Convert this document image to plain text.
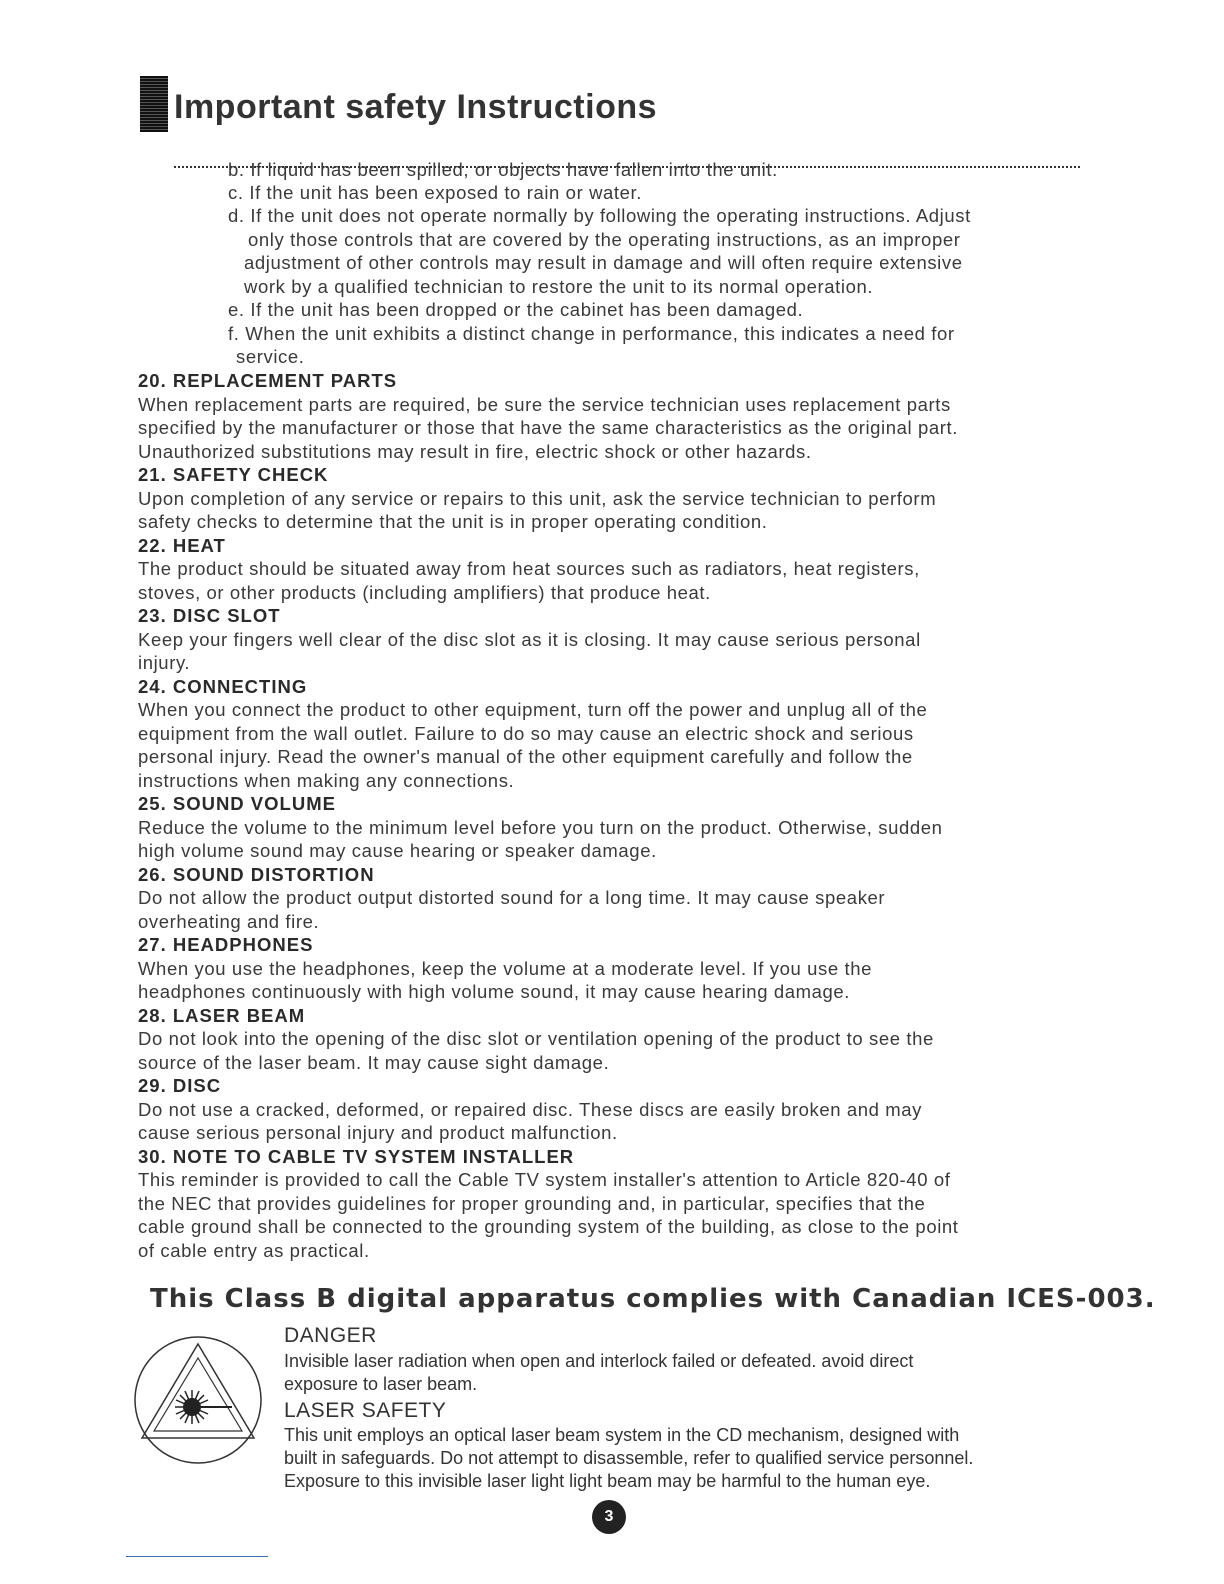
Important safety Instructions
b. If liquid has been spilled, or objects have fallen into the unit.
c. If the unit has been exposed to rain or water.
d. If the unit does not operate normally by following the operating instructions. Adjust
only those controls that are covered by the operating instructions, as an improper
adjustment of other controls may result in damage and will often require extensive
work by a qualified technician to restore the unit to its normal operation.
e. If the unit has been dropped or the cabinet has been damaged.
f. When the unit exhibits a distinct change in performance, this indicates a need for
service.
20. REPLACEMENT PARTS
When replacement parts are required, be sure the service technician uses replacement parts
specified by the manufacturer or those that have the same characteristics as the original part.
Unauthorized substitutions may result in fire, electric shock or other hazards.
21. SAFETY CHECK
Upon completion of any service or repairs to this unit, ask the service technician to perform
safety checks to determine that the unit is in proper operating condition.
22. HEAT
The product should be situated away from heat sources such as radiators, heat registers,
stoves, or other products (including amplifiers) that produce heat.
23. DISC SLOT
Keep your fingers well clear of the disc slot as it is closing. It may cause serious personal
injury.
24. CONNECTING
When you connect the product to other equipment, turn off the power and unplug all of the
equipment from the wall outlet. Failure to do so may cause an electric shock and serious
personal injury. Read the owner's manual of the other equipment carefully and follow the
instructions when making any connections.
25. SOUND VOLUME
Reduce the volume to the minimum level before you turn on the product. Otherwise, sudden
high volume sound may cause hearing or speaker damage.
26. SOUND DISTORTION
Do not allow the product output distorted sound for a long time. It may cause speaker
overheating and fire.
27. HEADPHONES
When you use the headphones, keep the volume at a moderate level. If you use the
headphones continuously with high volume sound, it may cause hearing damage.
28. LASER BEAM
Do not look into the opening of the disc slot or ventilation opening of the product to see the
source of the laser beam. It may cause sight damage.
29. DISC
Do not use a cracked, deformed, or repaired disc. These discs are easily broken and may
cause serious personal injury and product malfunction.
30. NOTE TO CABLE TV SYSTEM INSTALLER
This reminder is provided to call the Cable TV system installer's attention to Article 820-40 of
the NEC that provides guidelines for proper grounding and, in particular, specifies that the
cable ground shall be connected to the grounding system of the building, as close to the point
of cable entry as practical.
This Class B digital apparatus complies with Canadian ICES-003.
DANGER
Invisible laser radiation when open and interlock failed or defeated. avoid direct
exposure to laser beam.
LASER SAFETY
This unit employs an optical laser beam system in the CD mechanism, designed with
built in safeguards. Do not attempt to disassemble, refer to qualified service personnel.
Exposure to this invisible laser light light beam may be harmful to the human eye.
3
